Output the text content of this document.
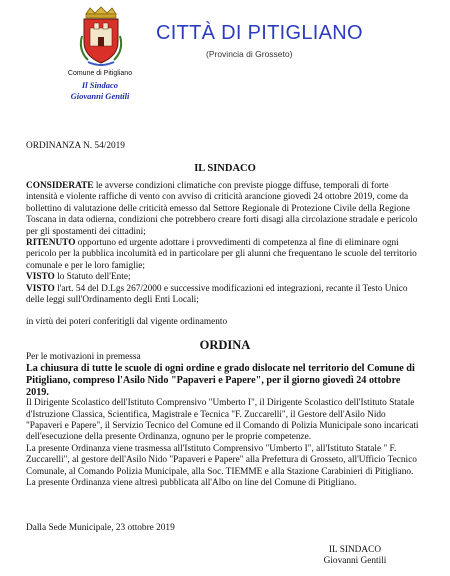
Comune di Pitigliano
Il Sindaco
Giovanni Gentili
CITTÀ DI PITIGLIANO
(Provincia di Grosseto)
ORDINANZA N. 54/2019
IL SINDACO

CONSIDERATE le avverse condizioni climatiche con previste piogge diffuse, temporali di forte intensità e violente raffiche di vento con avviso di criticità arancione giovedì 24 ottobre 2019, come da bollettino di valutazione delle criticità emesso dal Settore Regionale di Protezione Civile della Regione Toscana in data odierna, condizioni che potrebbero creare forti disagi alla circolazione stradale e pericolo per gli spostamenti dei cittadini;

RITENUTO opportuno ed urgente adottare i provvedimenti di competenza al fine di eliminare ogni pericolo per la pubblica incolumità ed in particolare per gli alunni che frequentano le scuole del territorio comunale e per le loro famiglie;

VISTO lo Statuto dell'Ente;

VISTO l'art. 54 del D.Lgs 267/2000 e successive modificazioni ed integrazioni, recante il Testo Unico delle leggi sull'Ordinamento degli Enti Locali;

in virtù dei poteri conferitigli dal vigente ordinamento
ORDINA

Per le motivazioni in premessa

La chiusura di tutte le scuole di ogni ordine e grado dislocate nel territorio del Comune di Pitigliano, compreso l'Asilo Nido "Papaveri e Papere", per il giorno giovedì 24 ottobre 2019.

Il Dirigente Scolastico dell'Istituto Comprensivo "Umberto I", il Dirigente Scolastico dell'Istituto Statale d'Istruzione Classica, Scientifica, Magistrale e Tecnica "F. Zuccarelli", il Gestore dell'Asilo Nido "Papaveri e Papere", il Servizio Tecnico del Comune ed il Comando di Polizia Municipale sono incaricati dell'esecuzione della presente Ordinanza, ognuno per le proprie competenze.

La presente Ordinanza viene trasmessa all'Istituto Comprensivo "Umberto I", all'Istituto Statale " F. Zuccarelli", al gestore dell'Asilo Nido "Papaveri e Papere" alla Prefettura di Grosseto, all'Ufficio Tecnico Comunale, al Comando Polizia Municipale, alla Soc. TIEMME e alla Stazione Carabinieri di Pitigliano.

La presente Ordinanza viene altresì pubblicata all'Albo on line del Comune di Pitigliano.

Dalla Sede Municipale, 23 ottobre 2019
IL SINDACO
Giovanni Gentili
